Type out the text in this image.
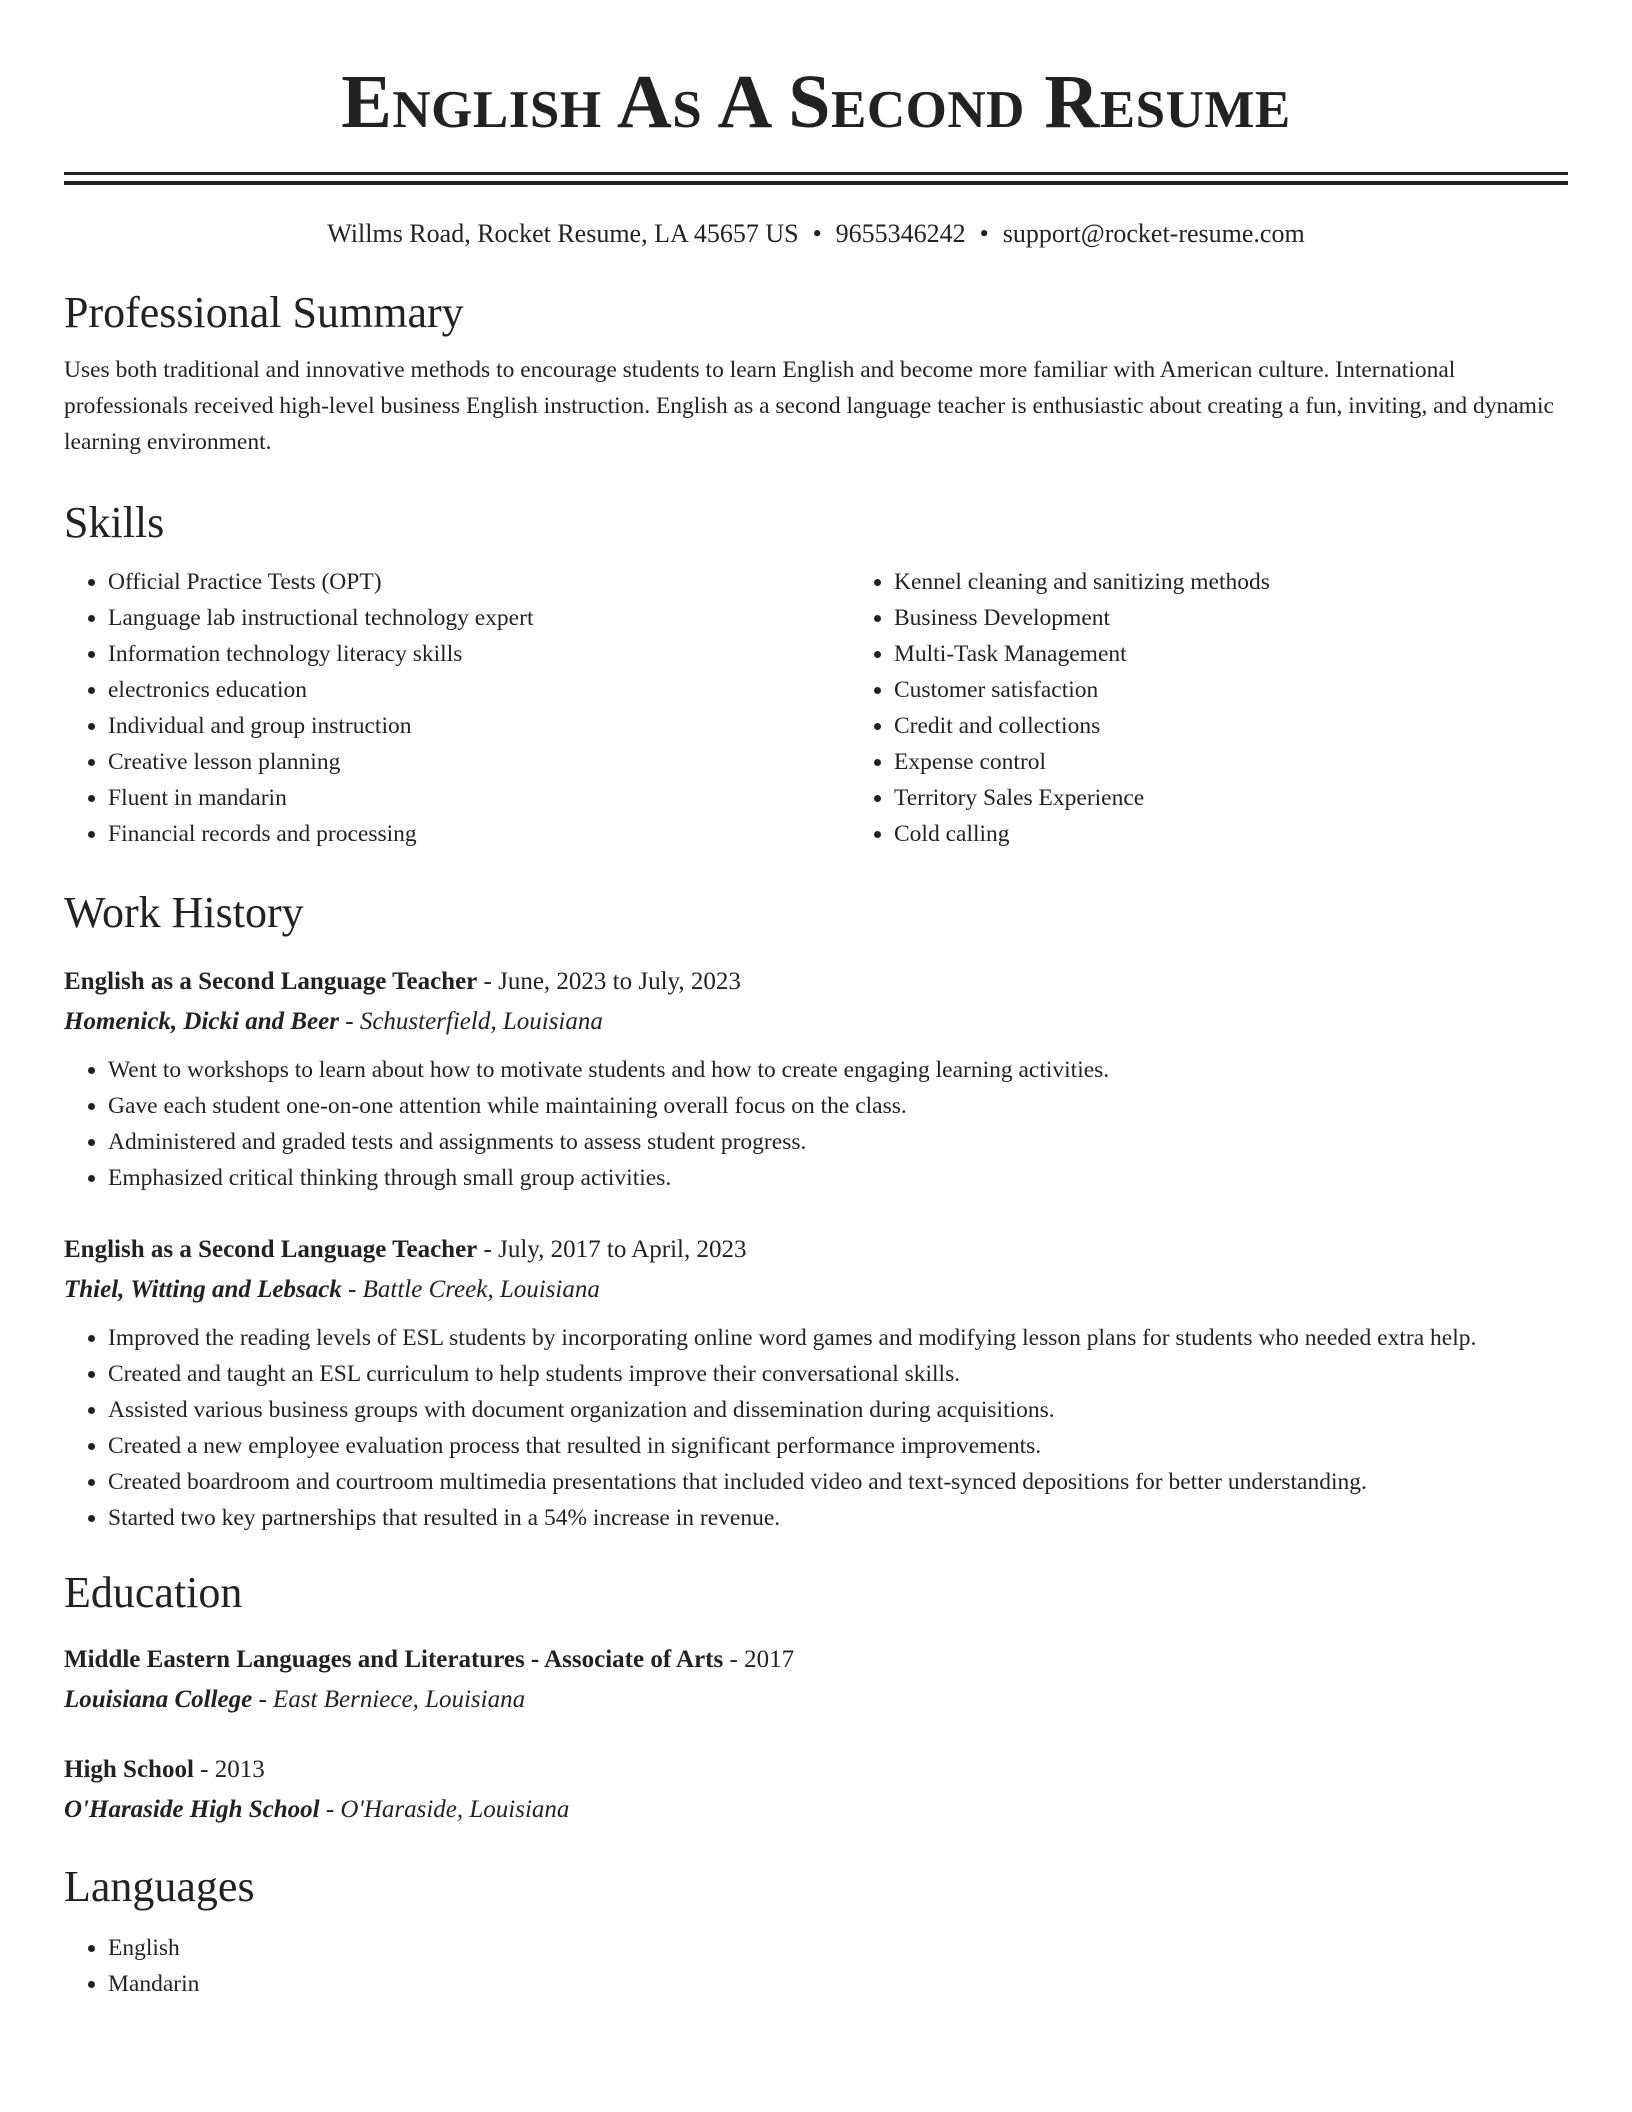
English As A Second Resume
Willms Road, Rocket Resume, LA 45657 US • 9655346242 • support@rocket-resume.com
Professional Summary

Uses both traditional and innovative methods to encourage students to learn English and become more familiar with American culture. International professionals received high-level business English instruction. English as a second language teacher is enthusiastic about creating a fun, inviting, and dynamic learning environment.

Skills
• Official Practice Tests (OPT)
• Language lab instructional technology expert
• Information technology literacy skills
• electronics education
• Individual and group instruction
• Creative lesson planning
• Fluent in mandarin
• Financial records and processing
• Kennel cleaning and sanitizing methods
• Business Development
• Multi-Task Management
• Customer satisfaction
• Credit and collections
• Expense control
• Territory Sales Experience
• Cold calling
Work History
English as a Second Language Teacher - June, 2023 to July, 2023
Homenick, Dicki and Beer - Schusterfield, Louisiana
• Went to workshops to learn about how to motivate students and how to create engaging learning activities.
• Gave each student one-on-one attention while maintaining overall focus on the class.
• Administered and graded tests and assignments to assess student progress.
• Emphasized critical thinking through small group activities.
English as a Second Language Teacher - July, 2017 to April, 2023
Thiel, Witting and Lebsack - Battle Creek, Louisiana
• Improved the reading levels of ESL students by incorporating online word games and modifying lesson plans for students who needed extra help.
• Created and taught an ESL curriculum to help students improve their conversational skills.
• Assisted various business groups with document organization and dissemination during acquisitions.
• Created a new employee evaluation process that resulted in significant performance improvements.
• Created boardroom and courtroom multimedia presentations that included video and text-synced depositions for better understanding.
• Started two key partnerships that resulted in a 54% increase in revenue.
Education
Middle Eastern Languages and Literatures - Associate of Arts - 2017
Louisiana College - East Berniece, Louisiana
High School - 2013
O'Haraside High School - O'Haraside, Louisiana
Languages
• English
• Mandarin
